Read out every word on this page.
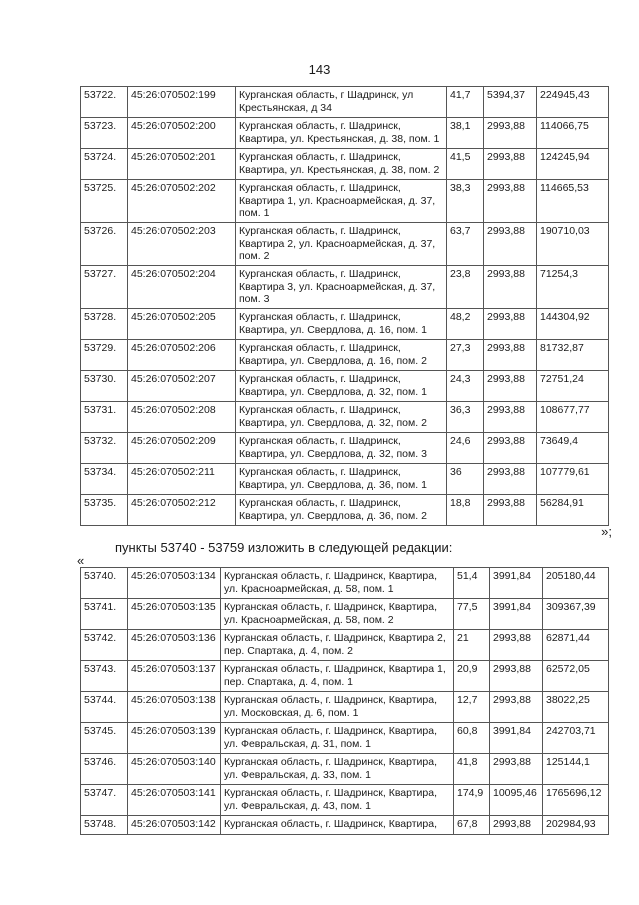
143
53722.	45:26:070502:199	Курганская область, г Шадринск, ул Крестьянская, д 34	41,7	5394,37	224945,43
53723.	45:26:070502:200	Курганская область, г. Шадринск, Квартира, ул. Крестьянская, д. 38, пом. 1	38,1	2993,88	114066,75
53724.	45:26:070502:201	Курганская область, г. Шадринск, Квартира, ул. Крестьянская, д. 38, пом. 2	41,5	2993,88	124245,94
53725.	45:26:070502:202	Курганская область, г. Шадринск, Квартира 1, ул. Красноармейская, д. 37, пом. 1	38,3	2993,88	114665,53
53726.	45:26:070502:203	Курганская область, г. Шадринск, Квартира 2, ул. Красноармейская, д. 37, пом. 2	63,7	2993,88	190710,03
53727.	45:26:070502:204	Курганская область, г. Шадринск, Квартира 3, ул. Красноармейская, д. 37, пом. 3	23,8	2993,88	71254,3
53728.	45:26:070502:205	Курганская область, г. Шадринск, Квартира, ул. Свердлова, д. 16, пом. 1	48,2	2993,88	144304,92
53729.	45:26:070502:206	Курганская область, г. Шадринск, Квартира, ул. Свердлова, д. 16, пом. 2	27,3	2993,88	81732,87
53730.	45:26:070502:207	Курганская область, г. Шадринск, Квартира, ул. Свердлова, д. 32, пом. 1	24,3	2993,88	72751,24
53731.	45:26:070502:208	Курганская область, г. Шадринск, Квартира, ул. Свердлова, д. 32, пом. 2	36,3	2993,88	108677,77
53732.	45:26:070502:209	Курганская область, г. Шадринск, Квартира, ул. Свердлова, д. 32, пом. 3	24,6	2993,88	73649,4
53734.	45:26:070502:211	Курганская область, г. Шадринск, Квартира, ул. Свердлова, д. 36, пом. 1	36	2993,88	107779,61
53735.	45:26:070502:212	Курганская область, г. Шадринск, Квартира, ул. Свердлова, д. 36, пом. 2	18,8	2993,88	56284,91
»;
пункты 53740 - 53759 изложить в следующей редакции:
«
53740.	45:26:070503:134	Курганская область, г. Шадринск, Квартира, ул. Красноармейская, д. 58, пом. 1	51,4	3991,84	205180,44
53741.	45:26:070503:135	Курганская область, г. Шадринск, Квартира, ул. Красноармейская, д. 58, пом. 2	77,5	3991,84	309367,39
53742.	45:26:070503:136	Курганская область, г. Шадринск, Квартира 2, пер. Спартака, д. 4, пом. 2	21	2993,88	62871,44
53743.	45:26:070503:137	Курганская область, г. Шадринск, Квартира 1, пер. Спартака, д. 4, пом. 1	20,9	2993,88	62572,05
53744.	45:26:070503:138	Курганская область, г. Шадринск, Квартира, ул. Московская, д. 6, пом. 1	12,7	2993,88	38022,25
53745.	45:26:070503:139	Курганская область, г. Шадринск, Квартира, ул. Февральская, д. 31, пом. 1	60,8	3991,84	242703,71
53746.	45:26:070503:140	Курганская область, г. Шадринск, Квартира, ул. Февральская, д. 33, пом. 1	41,8	2993,88	125144,1
53747.	45:26:070503:141	Курганская область, г. Шадринск, Квартира, ул. Февральская, д. 43, пом. 1	174,9	10095,46	1765696,12
53748.	45:26:070503:142	Курганская область, г. Шадринск, Квартира,	67,8	2993,88	202984,93
